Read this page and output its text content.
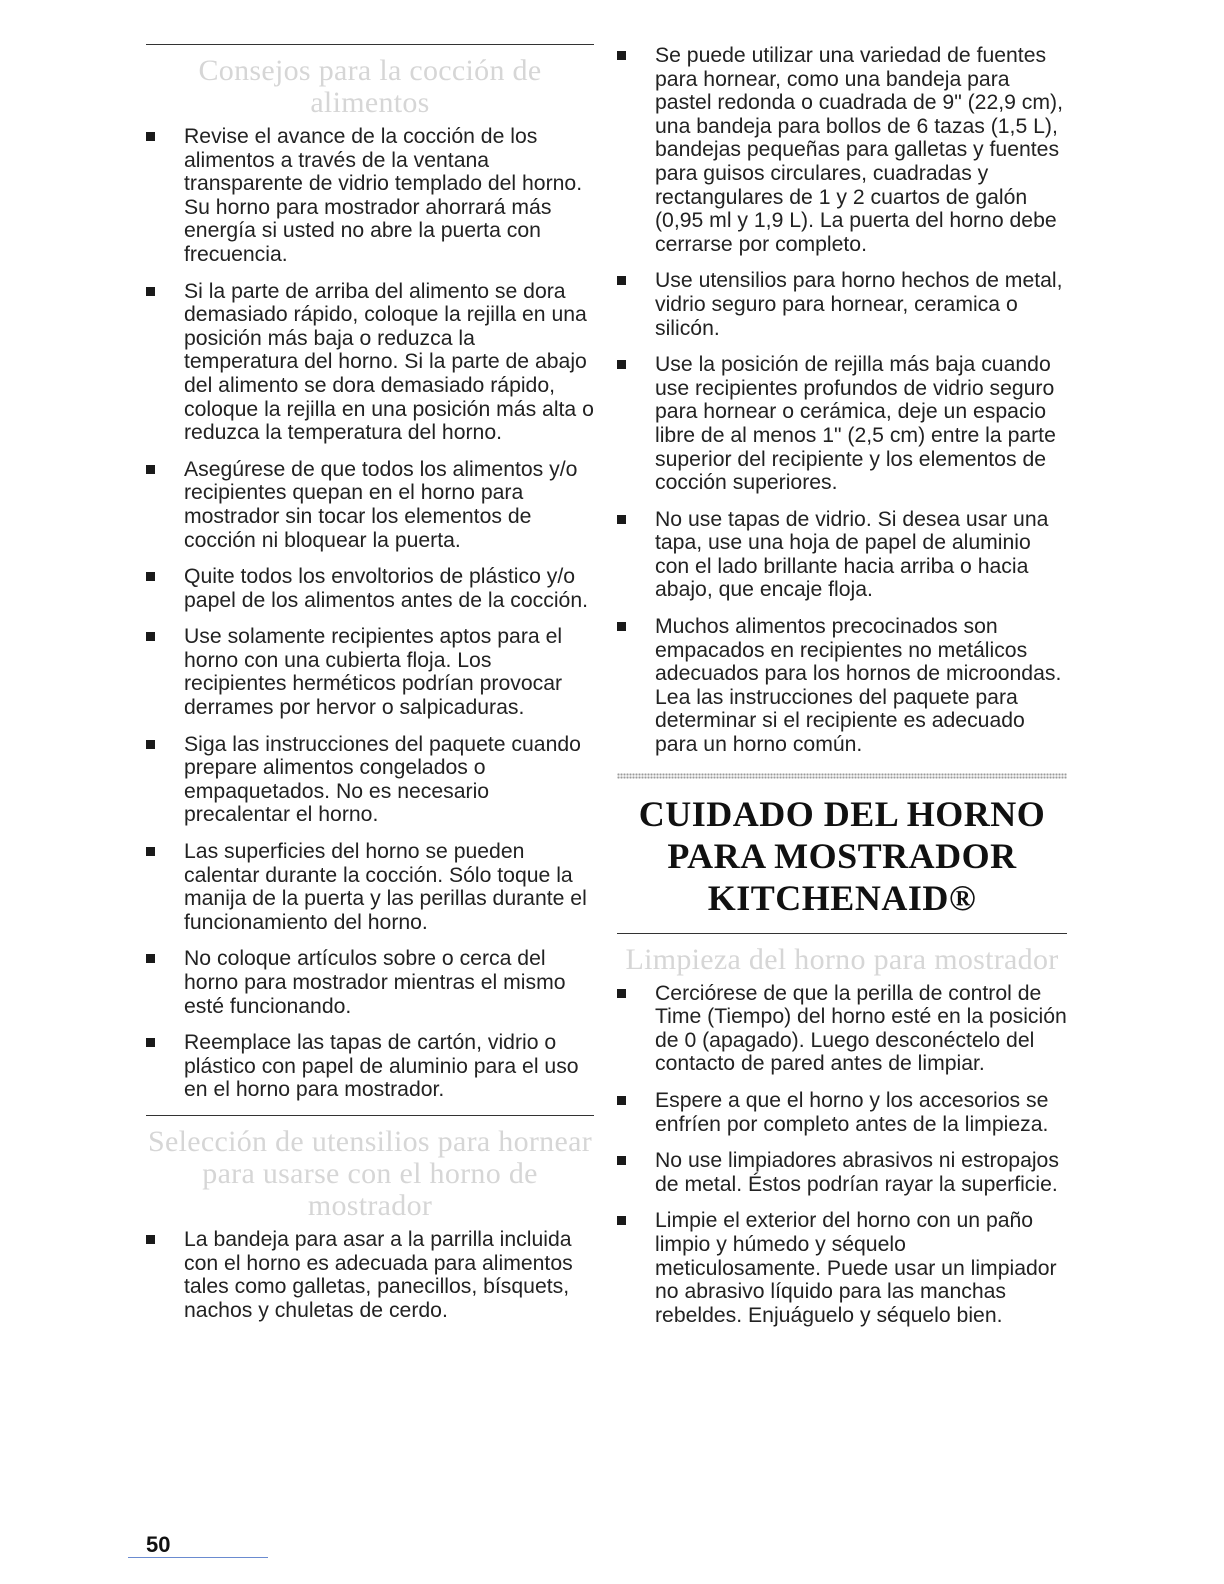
Consejos para la cocción de alimentos
Revise el avance de la cocción de los alimentos a través de la ventana transparente de vidrio templado del horno. Su horno para mostrador ahorrará más energía si usted no abre la puerta con frecuencia.
Si la parte de arriba del alimento se dora demasiado rápido, coloque la rejilla en una posición más baja o reduzca la temperatura del horno. Si la parte de abajo del alimento se dora demasiado rápido, coloque la rejilla en una posición más alta o reduzca la temperatura del horno.
Asegúrese de que todos los alimentos y/o recipientes quepan en el horno para mostrador sin tocar los elementos de cocción ni bloquear la puerta.
Quite todos los envoltorios de plástico y/o papel de los alimentos antes de la cocción.
Use solamente recipientes aptos para el horno con una cubierta floja. Los recipientes herméticos podrían provocar derrames por hervor o salpicaduras.
Siga las instrucciones del paquete cuando prepare alimentos congelados o empaquetados. No es necesario precalentar el horno.
Las superficies del horno se pueden calentar durante la cocción. Sólo toque la manija de la puerta y las perillas durante el funcionamiento del horno.
No coloque artículos sobre o cerca del horno para mostrador mientras el mismo esté funcionando.
Reemplace las tapas de cartón, vidrio o plástico con papel de aluminio para el uso en el horno para mostrador.
Selección de utensilios para hornear para usarse con el horno de mostrador
La bandeja para asar a la parrilla incluida con el horno es adecuada para alimentos tales como galletas, panecillos, bísquets, nachos y chuletas de cerdo.
Se puede utilizar una variedad de fuentes para hornear, como una bandeja para pastel redonda o cuadrada de 9" (22,9 cm), una bandeja para bollos de 6 tazas (1,5 L), bandejas pequeñas para galletas y fuentes para guisos circulares, cuadradas y rectangulares de 1 y 2 cuartos de galón (0,95 ml y 1,9 L). La puerta del horno debe cerrarse por completo.
Use utensilios para horno hechos de metal, vidrio seguro para hornear, ceramica o silicón.
Use la posición de rejilla más baja cuando use recipientes profundos de vidrio seguro para hornear o cerámica, deje un espacio libre de al menos 1" (2,5 cm) entre la parte superior del recipiente y los elementos de cocción superiores.
No use tapas de vidrio. Si desea usar una tapa, use una hoja de papel de aluminio con el lado brillante hacia arriba o hacia abajo, que encaje floja.
Muchos alimentos precocinados son empacados en recipientes no metálicos adecuados para los hornos de microondas. Lea las instrucciones del paquete para determinar si el recipiente es adecuado para un horno común.
CUIDADO DEL HORNO
PARA MOSTRADOR
KITCHENAID®
Limpieza del horno para mostrador
Cerciórese de que la perilla de control de Time (Tiempo) del horno esté en la posición de 0 (apagado). Luego desconéctelo del contacto de pared antes de limpiar.
Espere a que el horno y los accesorios se enfríen por completo antes de la limpieza.
No use limpiadores abrasivos ni estropajos de metal. Éstos podrían rayar la superficie.
Limpie el exterior del horno con un paño limpio y húmedo y séquelo meticulosamente. Puede usar un limpiador no abrasivo líquido para las manchas rebeldes. Enjuáguelo y séquelo bien.
50
